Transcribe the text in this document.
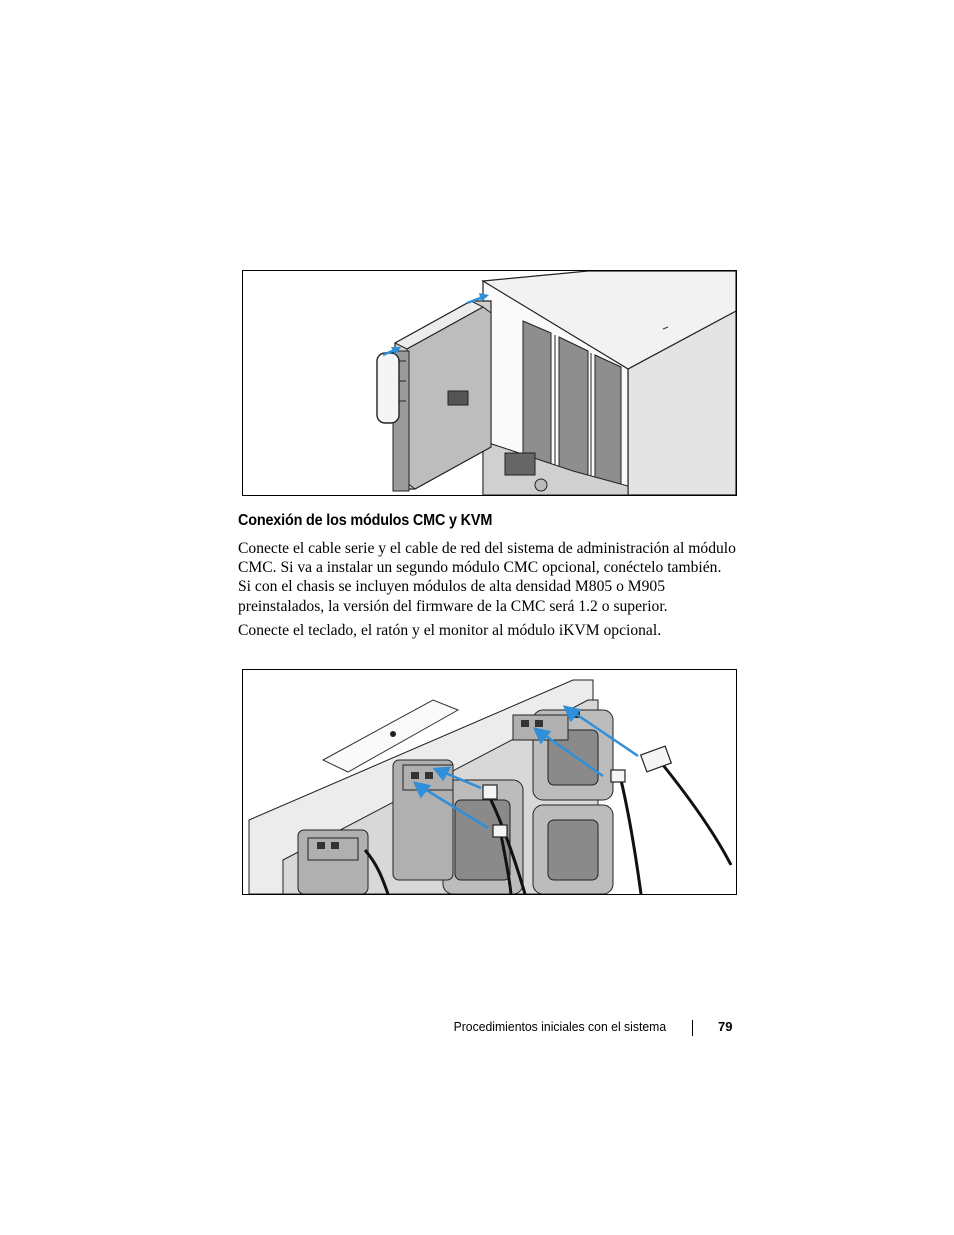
Conexión de los módulos CMC y KVM

Conecte el cable serie y el cable de red del sistema de administración al módulo CMC. Si va a instalar un segundo módulo CMC opcional, conéctelo también. Si con el chasis se incluyen módulos de alta densidad M805 o M905 preinstalados, la versión del firmware de la CMC será 1.2 o superior.

Conecte el teclado, el ratón y el monitor al módulo iKVM opcional.

Procedimientos iniciales con el sistema	79
